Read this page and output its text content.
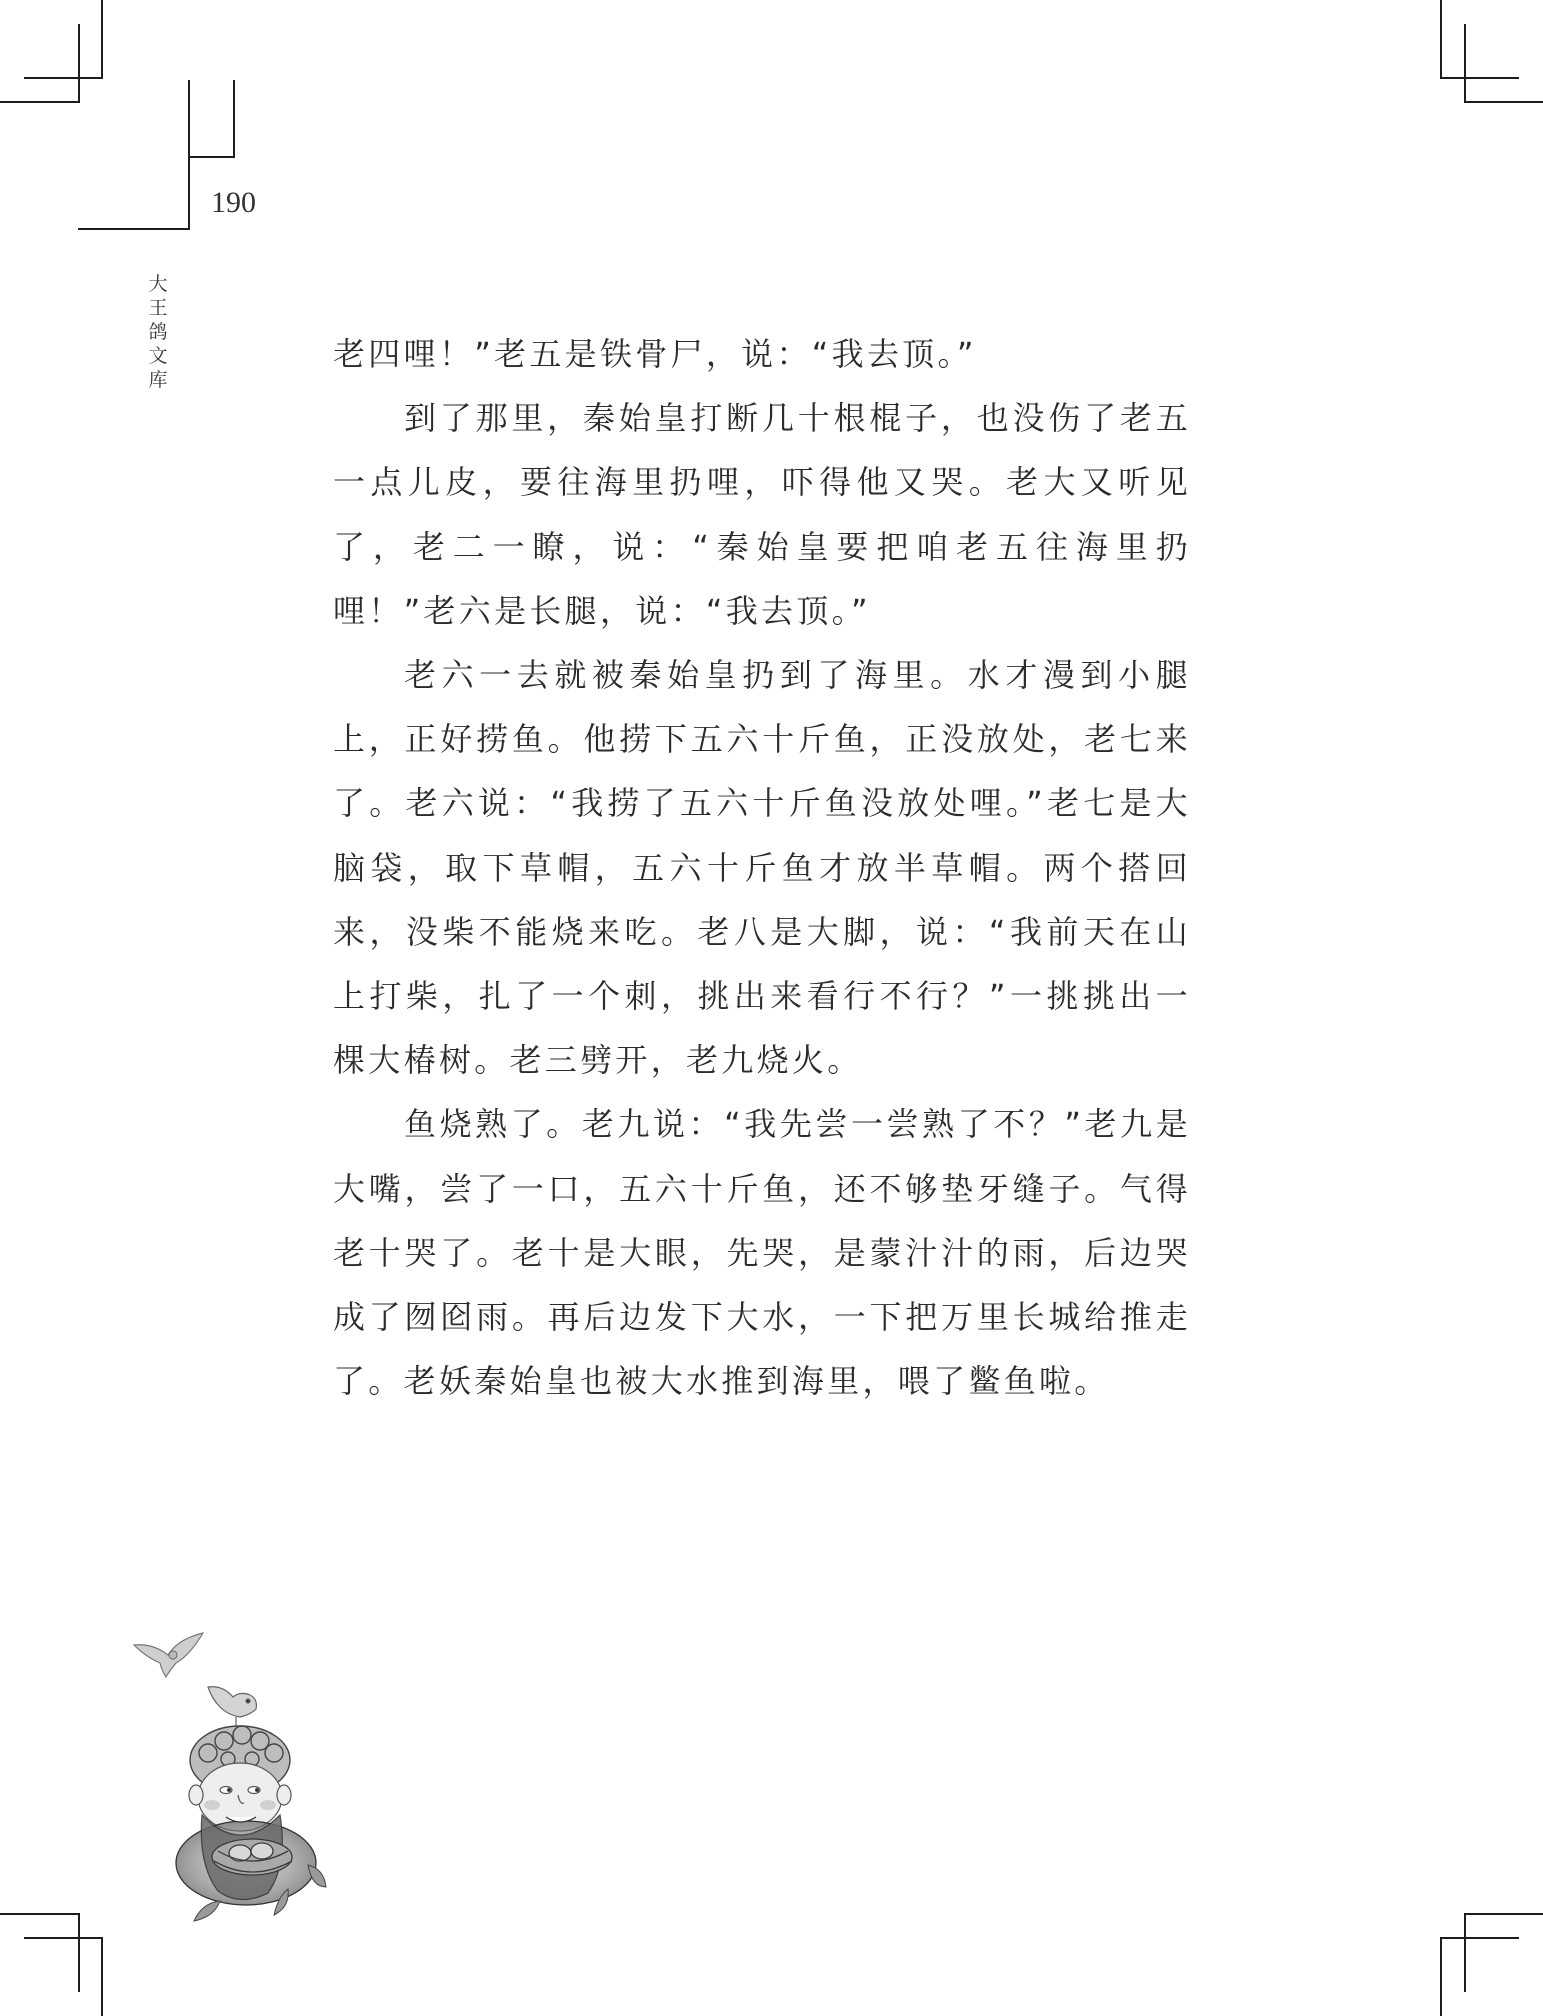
190
大
王
鸽
文
库

老四哩！”老五是铁骨尸，说：“我去顶。”

到了那里，秦始皇打断几十根棍子，也没伤了老五一点儿皮，要往海里扔哩，吓得他又哭。老大又听见了，老二一瞭，说：“秦始皇要把咱老五往海里扔哩！”老六是长腿，说：“我去顶。”

老六一去就被秦始皇扔到了海里。水才漫到小腿上，正好捞鱼。他捞下五六十斤鱼，正没放处，老七来了。老六说：“我捞了五六十斤鱼没放处哩。”老七是大脑袋，取下草帽，五六十斤鱼才放半草帽。两个搭回来，没柴不能烧来吃。老八是大脚，说：“我前天在山上打柴，扎了一个刺，挑出来看行不行？”一挑挑出一棵大椿树。老三劈开，老九烧火。

鱼烧熟了。老九说：“我先尝一尝熟了不？”老九是大嘴，尝了一口，五六十斤鱼，还不够垫牙缝子。气得老十哭了。老十是大眼，先哭，是蒙汁汁的雨，后边哭成了囫囵雨。再后边发下大水，一下把万里长城给推走了。老妖秦始皇也被大水推到海里，喂了鳖鱼啦。
